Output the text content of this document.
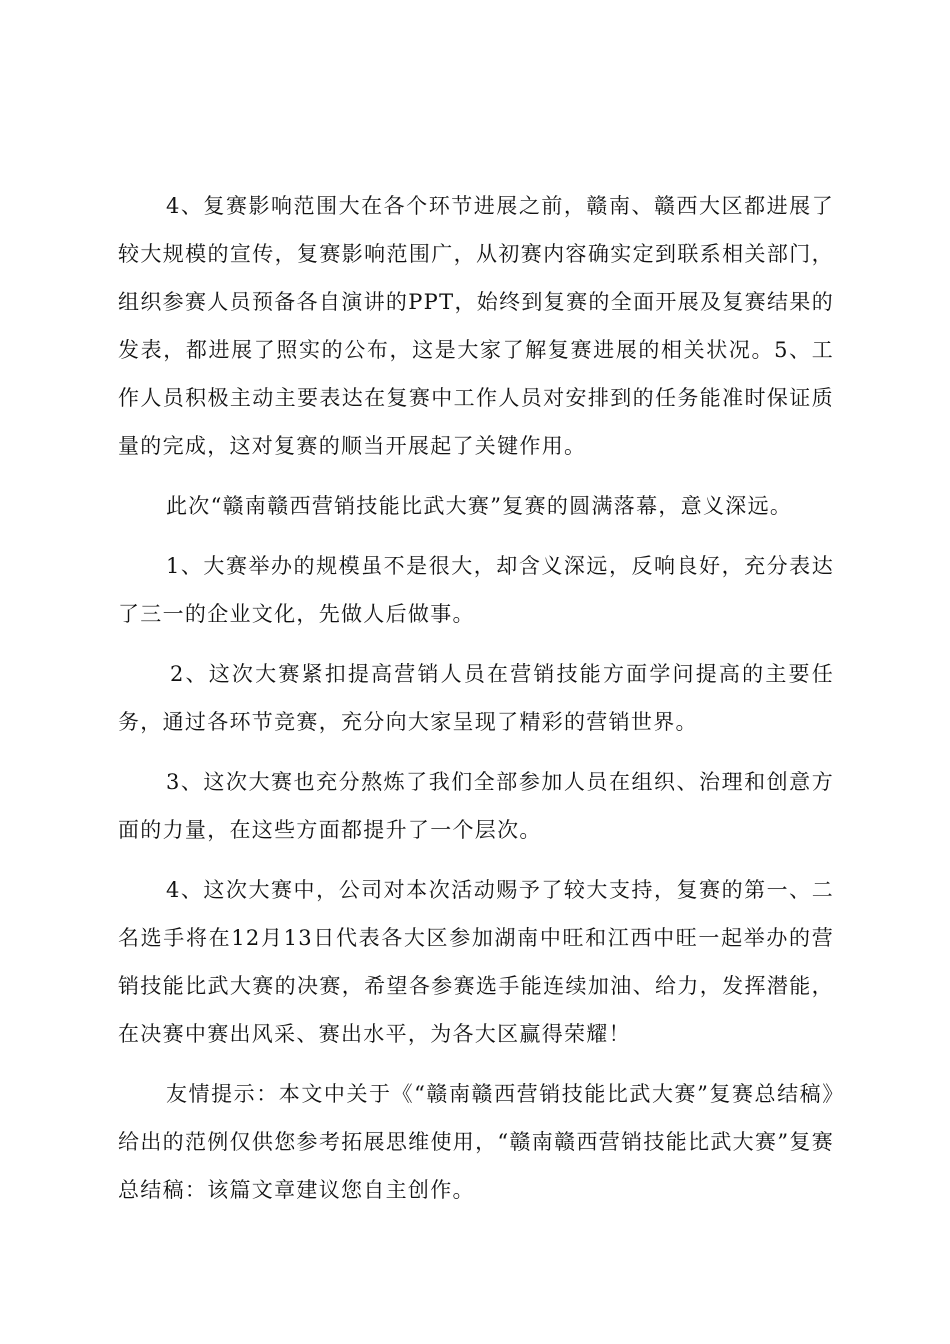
4、复赛影响范围大在各个环节进展之前，赣南、赣西大区都进展了较大规模的宣传，复赛影响范围广，从初赛内容确实定到联系相关部门，组织参赛人员预备各自演讲的PPT，始终到复赛的全面开展及复赛结果的发表，都进展了照实的公布，这是大家了解复赛进展的相关状况。5、工作人员积极主动主要表达在复赛中工作人员对安排到的任务能准时保证质量的完成，这对复赛的顺当开展起了关键作用。

此次“赣南赣西营销技能比武大赛”复赛的圆满落幕，意义深远。

1、大赛举办的规模虽不是很大，却含义深远，反响良好，充分表达了三一的企业文化，先做人后做事。

2、这次大赛紧扣提高营销人员在营销技能方面学问提高的主要任务，通过各环节竞赛，充分向大家呈现了精彩的营销世界。

3、这次大赛也充分熬炼了我们全部参加人员在组织、治理和创意方面的力量，在这些方面都提升了一个层次。

4、这次大赛中，公司对本次活动赐予了较大支持，复赛的第一、二名选手将在12月13日代表各大区参加湖南中旺和江西中旺一起举办的营销技能比武大赛的决赛，希望各参赛选手能连续加油、给力，发挥潜能，在决赛中赛出风采、赛出水平，为各大区赢得荣耀！

友情提示：本文中关于《“赣南赣西营销技能比武大赛”复赛总结稿》给出的范例仅供您参考拓展思维使用，“赣南赣西营销技能比武大赛”复赛总结稿：该篇文章建议您自主创作。
